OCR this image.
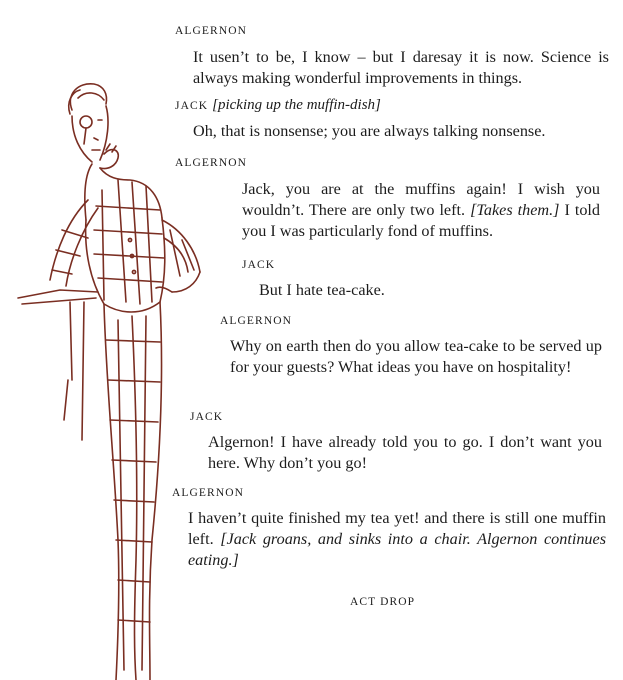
ALGERNON
It usen’t to be, I know – but I daresay it is now. Science is always making wonderful improvements in things.
JACK [picking up the muffin-dish]
Oh, that is nonsense; you are always talking nonsense.
ALGERNON
Jack, you are at the muffins again! I wish you wouldn’t. There are only two left. [Takes them.] I told you I was particularly fond of muffins.
JACK
But I hate tea-cake.
ALGERNON
Why on earth then do you allow tea-cake to be served up for your guests? What ideas you have on hospitality!
JACK
Algernon! I have already told you to go. I don’t want you here. Why don’t you go!
ALGERNON
I haven’t quite finished my tea yet! and there is still one muffin left. [Jack groans, and sinks into a chair. Algernon continues eating.]
ACT DROP
